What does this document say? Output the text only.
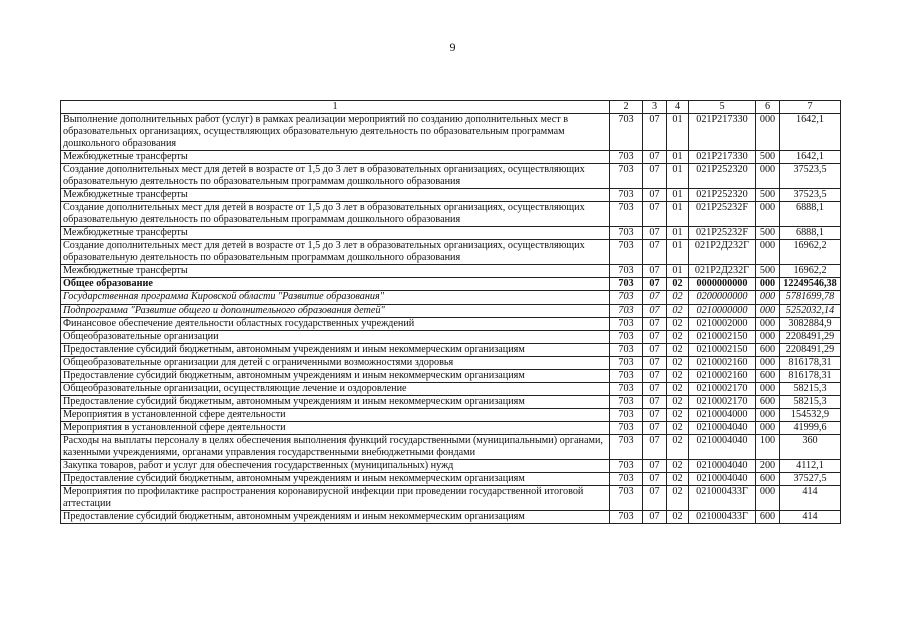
9
1	2	3	4	5	6	7
Выполнение дополнительных работ (услуг) в рамках реализации мероприятий по созданию дополнительных мест в образовательных организациях, осуществляющих образовательную деятельность по образовательным программам дошкольного образования	703	07	01	021P217330	000	1642,1
Межбюджетные трансферты	703	07	01	021P217330	500	1642,1
Создание дополнительных мест для детей в возрасте от 1,5 до 3 лет в образовательных организациях, осуществляющих образовательную деятельность по образовательным программам дошкольного образования	703	07	01	021P252320	000	37523,5
Межбюджетные трансферты	703	07	01	021P252320	500	37523,5
Создание дополнительных мест для детей в возрасте от 1,5 до 3 лет в образовательных организациях, осуществляющих образовательную деятельность по образовательным программам дошкольного образования	703	07	01	021P25232F	000	6888,1
Межбюджетные трансферты	703	07	01	021P25232F	500	6888,1
Создание дополнительных мест для детей в возрасте от 1,5 до 3 лет в образовательных организациях, осуществляющих образовательную деятельность по образовательным программам дошкольного образования	703	07	01	021P2Д232Г	000	16962,2
Межбюджетные трансферты	703	07	01	021P2Д232Г	500	16962,2
Общее образование	703	07	02	0000000000	000	12249546,38
Государственная программа Кировской области "Развитие образования"	703	07	02	0200000000	000	5781699,78
Подпрограмма "Развитие общего и дополнительного образования детей"	703	07	02	0210000000	000	5252032,14
Финансовое обеспечение деятельности областных государственных учреждений	703	07	02	0210002000	000	3082884,9
Общеобразовательные организации	703	07	02	0210002150	000	2208491,29
Предоставление субсидий бюджетным, автономным учреждениям и иным некоммерческим организациям	703	07	02	0210002150	600	2208491,29
Общеобразовательные организации для детей с ограниченными возможностями здоровья	703	07	02	0210002160	000	816178,31
Предоставление субсидий бюджетным, автономным учреждениям и иным некоммерческим организациям	703	07	02	0210002160	600	816178,31
Общеобразовательные организации, осуществляющие лечение и оздоровление	703	07	02	0210002170	000	58215,3
Предоставление субсидий бюджетным, автономным учреждениям и иным некоммерческим организациям	703	07	02	0210002170	600	58215,3
Мероприятия в установленной сфере деятельности	703	07	02	0210004000	000	154532,9
Мероприятия в установленной сфере деятельности	703	07	02	0210004040	000	41999,6
Расходы на выплаты персоналу в целях обеспечения выполнения функций государственными (муниципальными) органами, казенными учреждениями, органами управления государственными внебюджетными фондами	703	07	02	0210004040	100	360
Закупка товаров, работ и услуг для обеспечения государственных (муниципальных) нужд	703	07	02	0210004040	200	4112,1
Предоставление субсидий бюджетным, автономным учреждениям и иным некоммерческим организациям	703	07	02	0210004040	600	37527,5
Мероприятия по профилактике распространения коронавирусной инфекции при проведении государственной итоговой аттестации	703	07	02	021000433Г	000	414
Предоставление субсидий бюджетным, автономным учреждениям и иным некоммерческим организациям	703	07	02	021000433Г	600	414
